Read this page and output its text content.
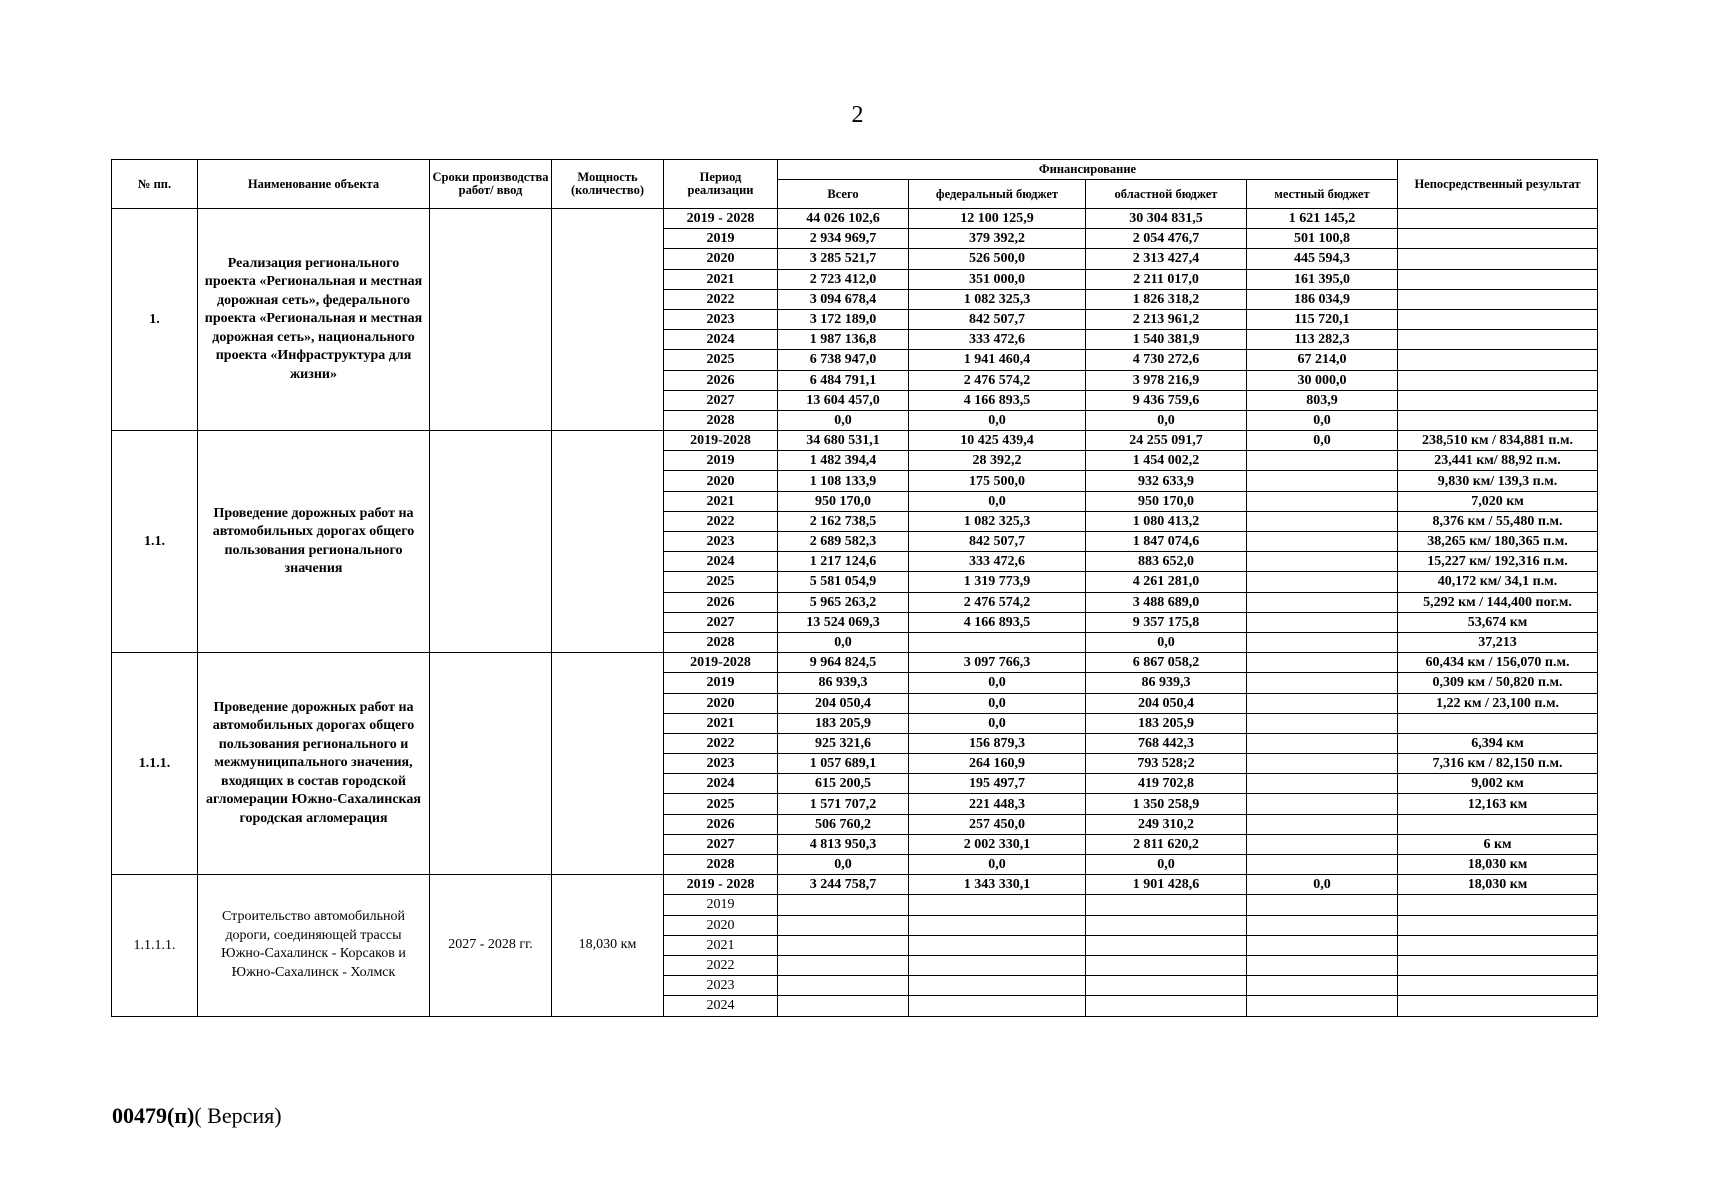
2
№ пп.	Наименование объекта	Сроки производства работ/ ввод	Мощность (количество)	Период реализации	Финансирование				Непосредственный результат
					Всего	федеральный бюджет	областной бюджет	местный бюджет	
1.	Реализация регионального проекта «Региональная и местная дорожная сеть», федерального проекта «Региональная и местная дорожная сеть», национального проекта «Инфраструктура для жизни»			2019 - 2028	44 026 102,6	12 100 125,9	30 304 831,5	1 621 145,2	
				2019	2 934 969,7	379 392,2	2 054 476,7	501 100,8	
				2020	3 285 521,7	526 500,0	2 313 427,4	445 594,3	
				2021	2 723 412,0	351 000,0	2 211 017,0	161 395,0	
				2022	3 094 678,4	1 082 325,3	1 826 318,2	186 034,9	
				2023	3 172 189,0	842 507,7	2 213 961,2	115 720,1	
				2024	1 987 136,8	333 472,6	1 540 381,9	113 282,3	
				2025	6 738 947,0	1 941 460,4	4 730 272,6	67 214,0	
				2026	6 484 791,1	2 476 574,2	3 978 216,9	30 000,0	
				2027	13 604 457,0	4 166 893,5	9 436 759,6	803,9	
				2028	0,0	0,0	0,0	0,0	
1.1.	Проведение дорожных работ на автомобильных дорогах общего пользования регионального значения			2019-2028	34 680 531,1	10 425 439,4	24 255 091,7	0,0	238,510 км / 834,881 п.м.
				2019	1 482 394,4	28 392,2	1 454 002,2		23,441 км/ 88,92 п.м.
				2020	1 108 133,9	175 500,0	932 633,9		9,830 км/ 139,3 п.м.
				2021	950 170,0	0,0	950 170,0		7,020 км
				2022	2 162 738,5	1 082 325,3	1 080 413,2		8,376 км / 55,480 п.м.
				2023	2 689 582,3	842 507,7	1 847 074,6		38,265 км/ 180,365 п.м.
				2024	1 217 124,6	333 472,6	883 652,0		15,227 км/ 192,316 п.м.
				2025	5 581 054,9	1 319 773,9	4 261 281,0		40,172 км/ 34,1 п.м.
				2026	5 965 263,2	2 476 574,2	3 488 689,0		5,292 км / 144,400 пог.м.
				2027	13 524 069,3	4 166 893,5	9 357 175,8		53,674 км
				2028	0,0		0,0		37,213
1.1.1.	Проведение дорожных работ на автомобильных дорогах общего пользования регионального и межмуниципального значения, входящих в состав городской агломерации Южно-Сахалинская городская агломерация			2019-2028	9 964 824,5	3 097 766,3	6 867 058,2		60,434 км / 156,070 п.м.
				2019	86 939,3	0,0	86 939,3		0,309 км / 50,820 п.м.
				2020	204 050,4	0,0	204 050,4		1,22 км / 23,100 п.м.
				2021	183 205,9	0,0	183 205,9		
				2022	925 321,6	156 879,3	768 442,3		6,394 км
				2023	1 057 689,1	264 160,9	793 528;2		7,316 км / 82,150 п.м.
				2024	615 200,5	195 497,7	419 702,8		9,002 км
				2025	1 571 707,2	221 448,3	1 350 258,9		12,163 км
				2026	506 760,2	257 450,0	249 310,2		
				2027	4 813 950,3	2 002 330,1	2 811 620,2		6 км
				2028	0,0	0,0	0,0		18,030 км
1.1.1.1.	Строительство автомобильной дороги, соединяющей трассы Южно-Сахалинск - Корсаков и Южно-Сахалинск - Холмск	2027 - 2028 гг.	18,030 км	2019 - 2028	3 244 758,7	1 343 330,1	1 901 428,6	0,0	18,030 км
				2019					
				2020					
				2021					
				2022					
				2023					
				2024					
00479(п)( Версия)
